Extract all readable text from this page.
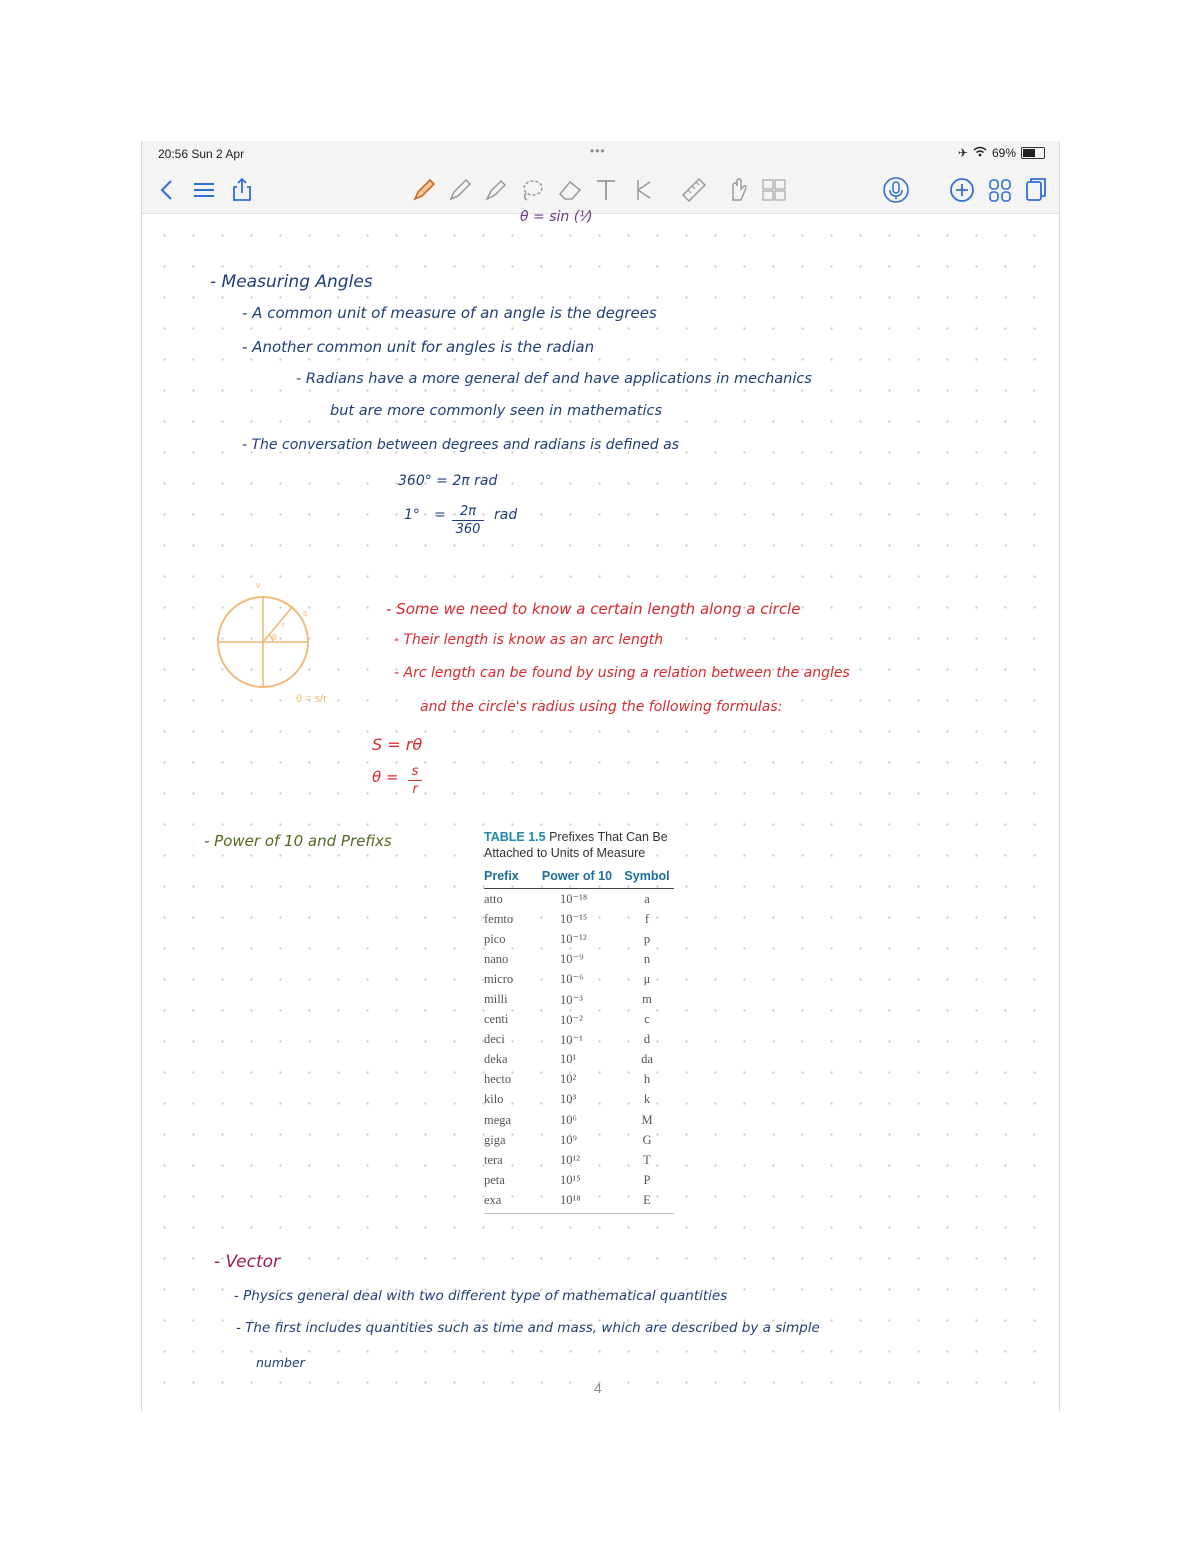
20:56 Sun 2 Apr	•••	✈ 69%
θ = sin (⅟)
- Measuring Angles
- A common unit of measure of an angle is the degrees
- Another common unit for angles is the radian
- Radians have a more general def and have applications in mechanics
but are more commonly seen in mathematics
- The conversation between degrees and radians is defined as
360° = 2π rad
1° =	2π
360
rad
v
s
r
θ
θ = s/r
- Some we need to know a certain length along a circle
- Their length is know as an arc length
- Arc length can be found by using a relation between the angles
and the circle's radius using the following formulas:
S = rθ
θ = s
r
- Power of 10 and Prefixs	TABLE 1.5 Prefixes That Can Be Attached to Units of Measure
Prefix	Power of 10 Symbol
atto	10⁻¹⁸	a
femto	10⁻¹⁵	f
pico	10⁻¹²	p
nano	10⁻⁹	n
micro	10⁻⁶	μ
milli	10⁻³	m
centi	10⁻²	c
deci	10⁻¹	d
deka	10¹	da
hecto	10²	h
kilo	10³	k
mega	10⁶	M
giga	10⁹	G
tera	10¹²	T
peta	10¹⁵	P
exa	10¹⁸	E
- Vector
- Physics general deal with two different type of mathematical quantities
- The first includes quantities such as time and mass, which are described by a simple
number
4
